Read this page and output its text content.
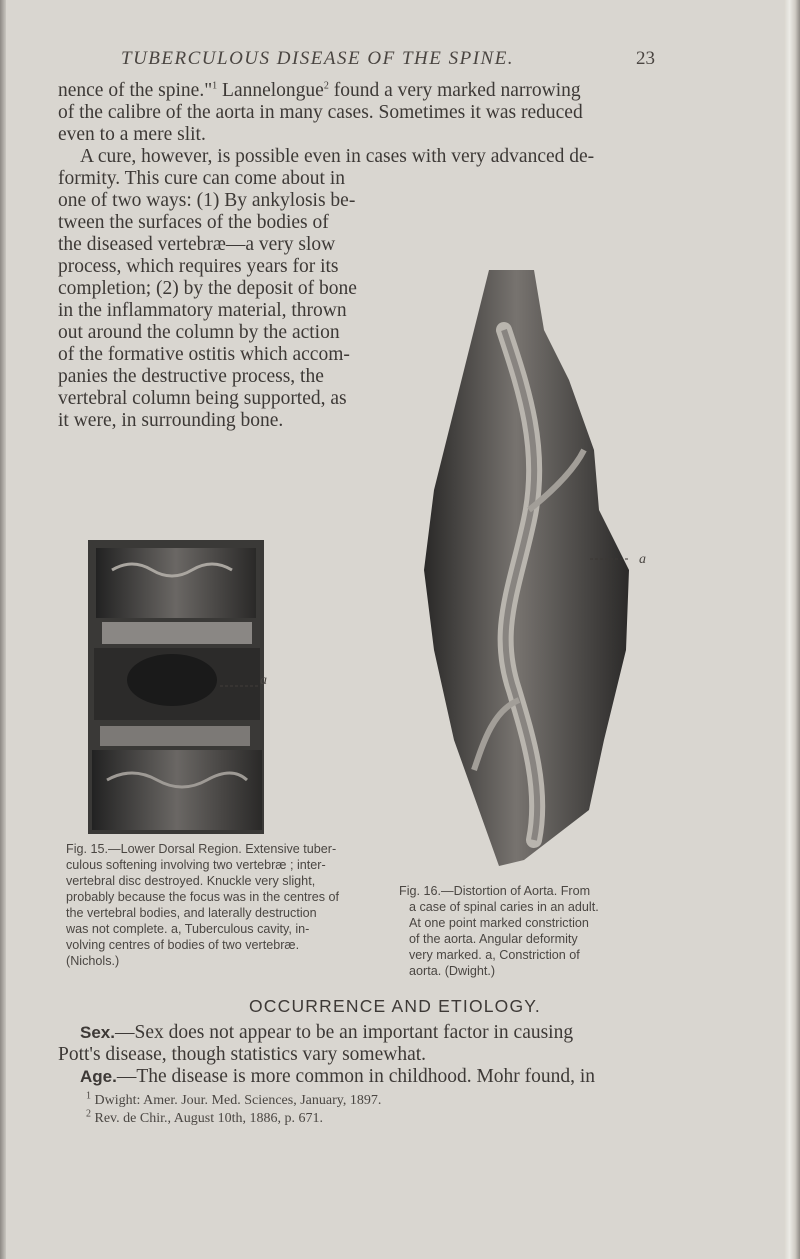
TUBERCULOUS DISEASE OF THE SPINE.	23
nence of the spine."$^1$ Lannelongue$^2$ found a very marked narrowing
of the calibre of the aorta in many cases. Sometimes it was reduced
even to a mere slit.
A cure, however, is possible even in cases with very advanced de-
formity. This cure can come about in
one of two ways: (1) By ankylosis be-
tween the surfaces of the bodies of
the diseased vertebræ—a very slow
process, which requires years for its
completion; (2) by the deposit of bone
in the inflammatory material, thrown
out around the column by the action
of the formative ostitis which accom-
panies the destructive process, the
vertebral column being supported, as
it were, in surrounding bone.
a
a
Fig. 15.—Lower Dorsal Region. Extensive tuber-
culous softening involving two vertebræ ; inter-
vertebral disc destroyed. Knuckle very slight,
probably because the focus was in the centres of
the vertebral bodies, and laterally destruction
was not complete. a, Tuberculous cavity, in-
volving centres of bodies of two vertebræ.
(Nichols.)
Fig. 16.—Distortion of Aorta. From
a case of spinal caries in an adult.
At one point marked constriction
of the aorta. Angular deformity
very marked. a, Constriction of
aorta. (Dwight.)
OCCURRENCE AND ETIOLOGY.
Sex.—Sex does not appear to be an important factor in causing
Pott's disease, though statistics vary somewhat.
Age.—The disease is more common in childhood. Mohr found, in
$^1$ Dwight: Amer. Jour. Med. Sciences, January, 1897.
$^2$ Rev. de Chir., August 10th, 1886, p. 671.
